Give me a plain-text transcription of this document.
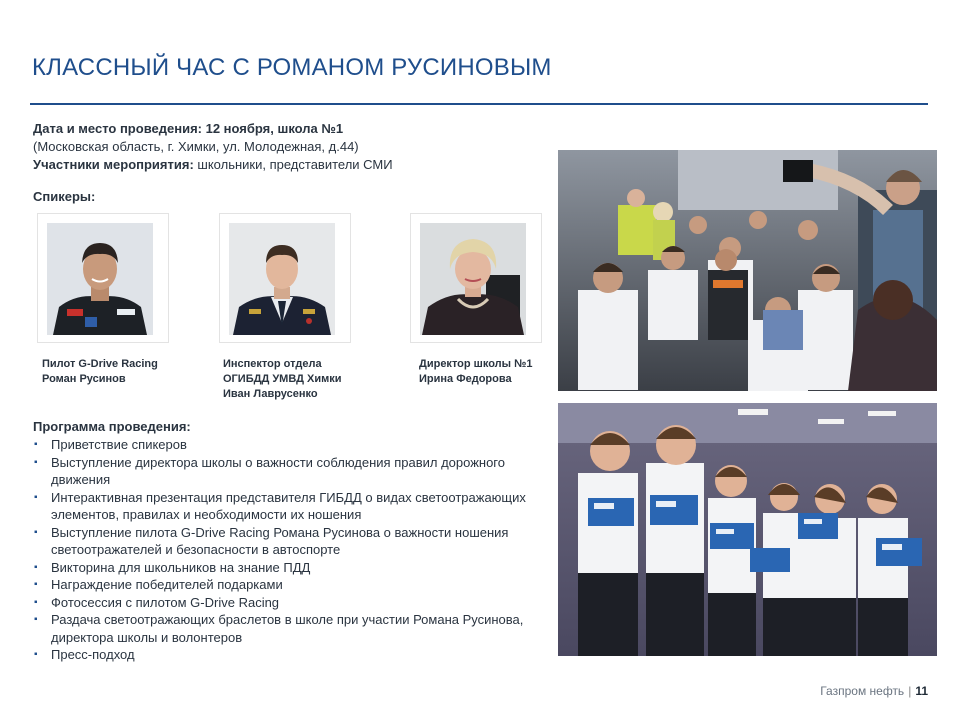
КЛАССНЫЙ ЧАС С РОМАНОМ РУСИНОВЫМ
Дата и место проведения: 12 ноября, школа №1
(Московская область, г. Химки, ул. Молодежная, д.44)
Участники мероприятия: школьники, представители СМИ
Спикеры:
Пилот G-Drive Racing
Роман Русинов
Инспектор отдела
ОГИБДД УМВД Химки
Иван Лаврусенко
Директор школы №1
Ирина Федорова
Программа проведения:
▪ Приветствие спикеров
▪ Выступление директора школы о важности соблюдения правил дорожного движения
▪ Интерактивная презентация представителя ГИБДД о видах светоотражающих элементов, правилах и необходимости их ношения
▪ Выступление пилота G-Drive Racing Романа Русинова о важности ношения светоотражателей и безопасности в автоспорте
▪ Викторина для школьников на знание ПДД
▪ Награждение победителей подарками
▪ Фотосессия с пилотом G-Drive Racing
▪ Раздача светоотражающих браслетов в школе при участии Романа Русинова, директора школы и волонтеров
▪ Пресс-подход
Газпром нефть | 11
